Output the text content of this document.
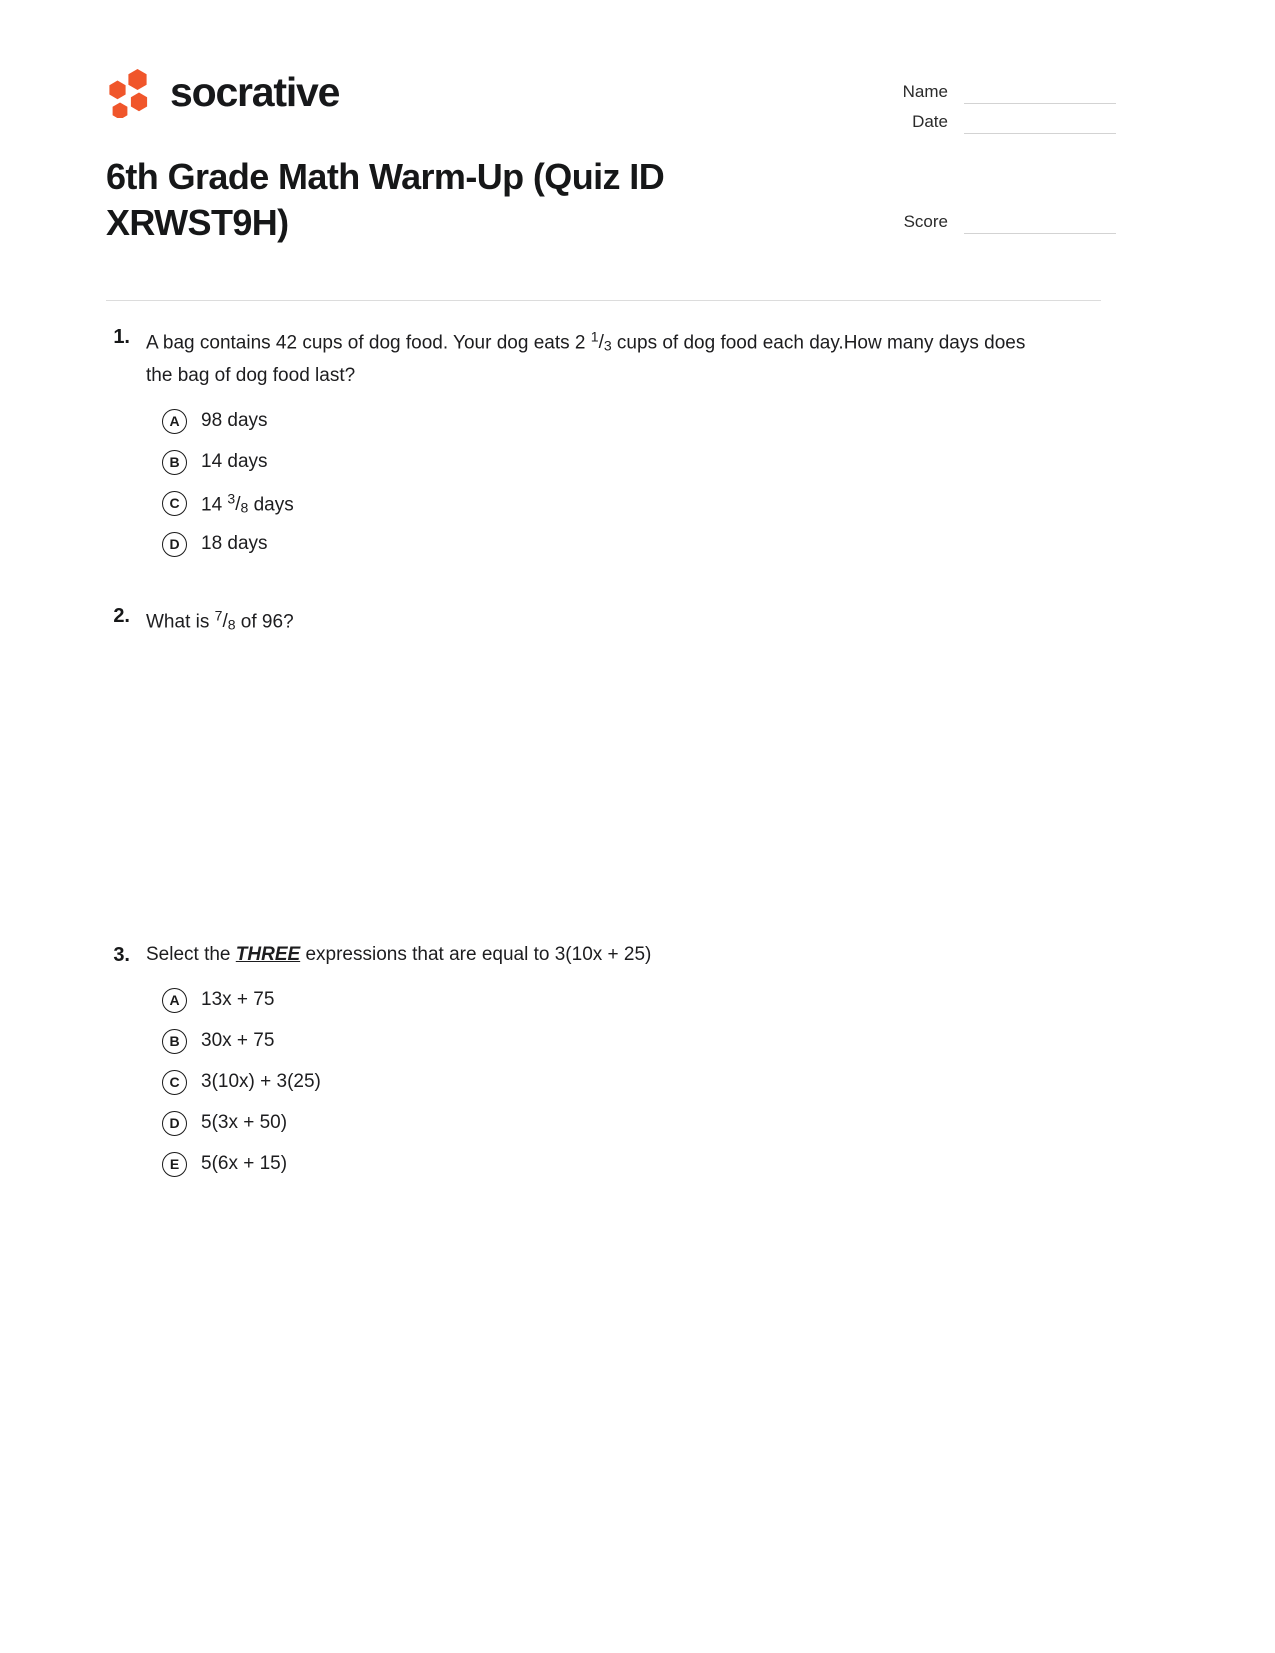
socrative	Name
Date
Score
6th Grade Math Warm-Up (Quiz ID XRWST9H)
1. A bag contains 42 cups of dog food. Your dog eats 2 $^1$/3 cups of dog food each day.How many days does the bag of dog food last?
A	98 days
B	14 days
C	14 $^3$/8 days
D	18 days
2. What is $^7$/8 of 96?
3. Select the THREE expressions that are equal to 3(10x + 25)
A	13x + 75
B	30x + 75
C	3(10x) + 3(25)
D	5(3x + 50)
E	5(6x + 15)
